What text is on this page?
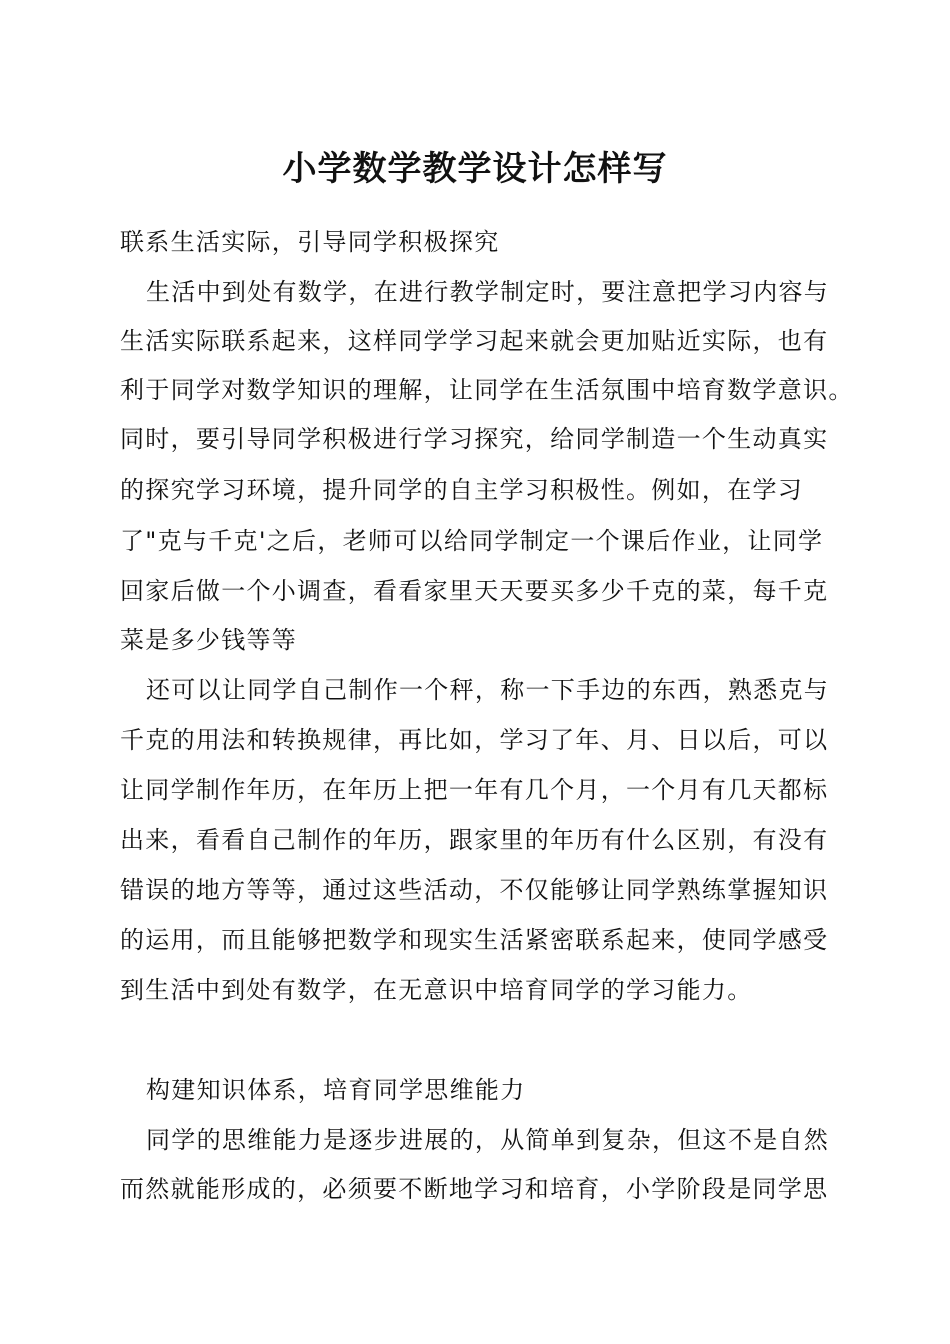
小学数学教学设计怎样写
联系生活实际，引导同学积极探究
生活中到处有数学，在进行教学制定时，要注意把学习内容与
生活实际联系起来，这样同学学习起来就会更加贴近实际，也有
利于同学对数学知识的理解，让同学在生活氛围中培育数学意识。
同时，要引导同学积极进行学习探究，给同学制造一个生动真实
的探究学习环境，提升同学的自主学习积极性。例如，在学习
了"克与千克'之后，老师可以给同学制定一个课后作业，让同学
回家后做一个小调查，看看家里天天要买多少千克的菜，每千克
菜是多少钱等等
还可以让同学自己制作一个秤，称一下手边的东西，熟悉克与
千克的用法和转换规律，再比如，学习了年、月、日以后，可以
让同学制作年历，在年历上把一年有几个月，一个月有几天都标
出来，看看自己制作的年历，跟家里的年历有什么区别，有没有
错误的地方等等，通过这些活动，不仅能够让同学熟练掌握知识
的运用，而且能够把数学和现实生活紧密联系起来，使同学感受
到生活中到处有数学，在无意识中培育同学的学习能力。
构建知识体系，培育同学思维能力
同学的思维能力是逐步进展的，从简单到复杂，但这不是自然
而然就能形成的，必须要不断地学习和培育，小学阶段是同学思
